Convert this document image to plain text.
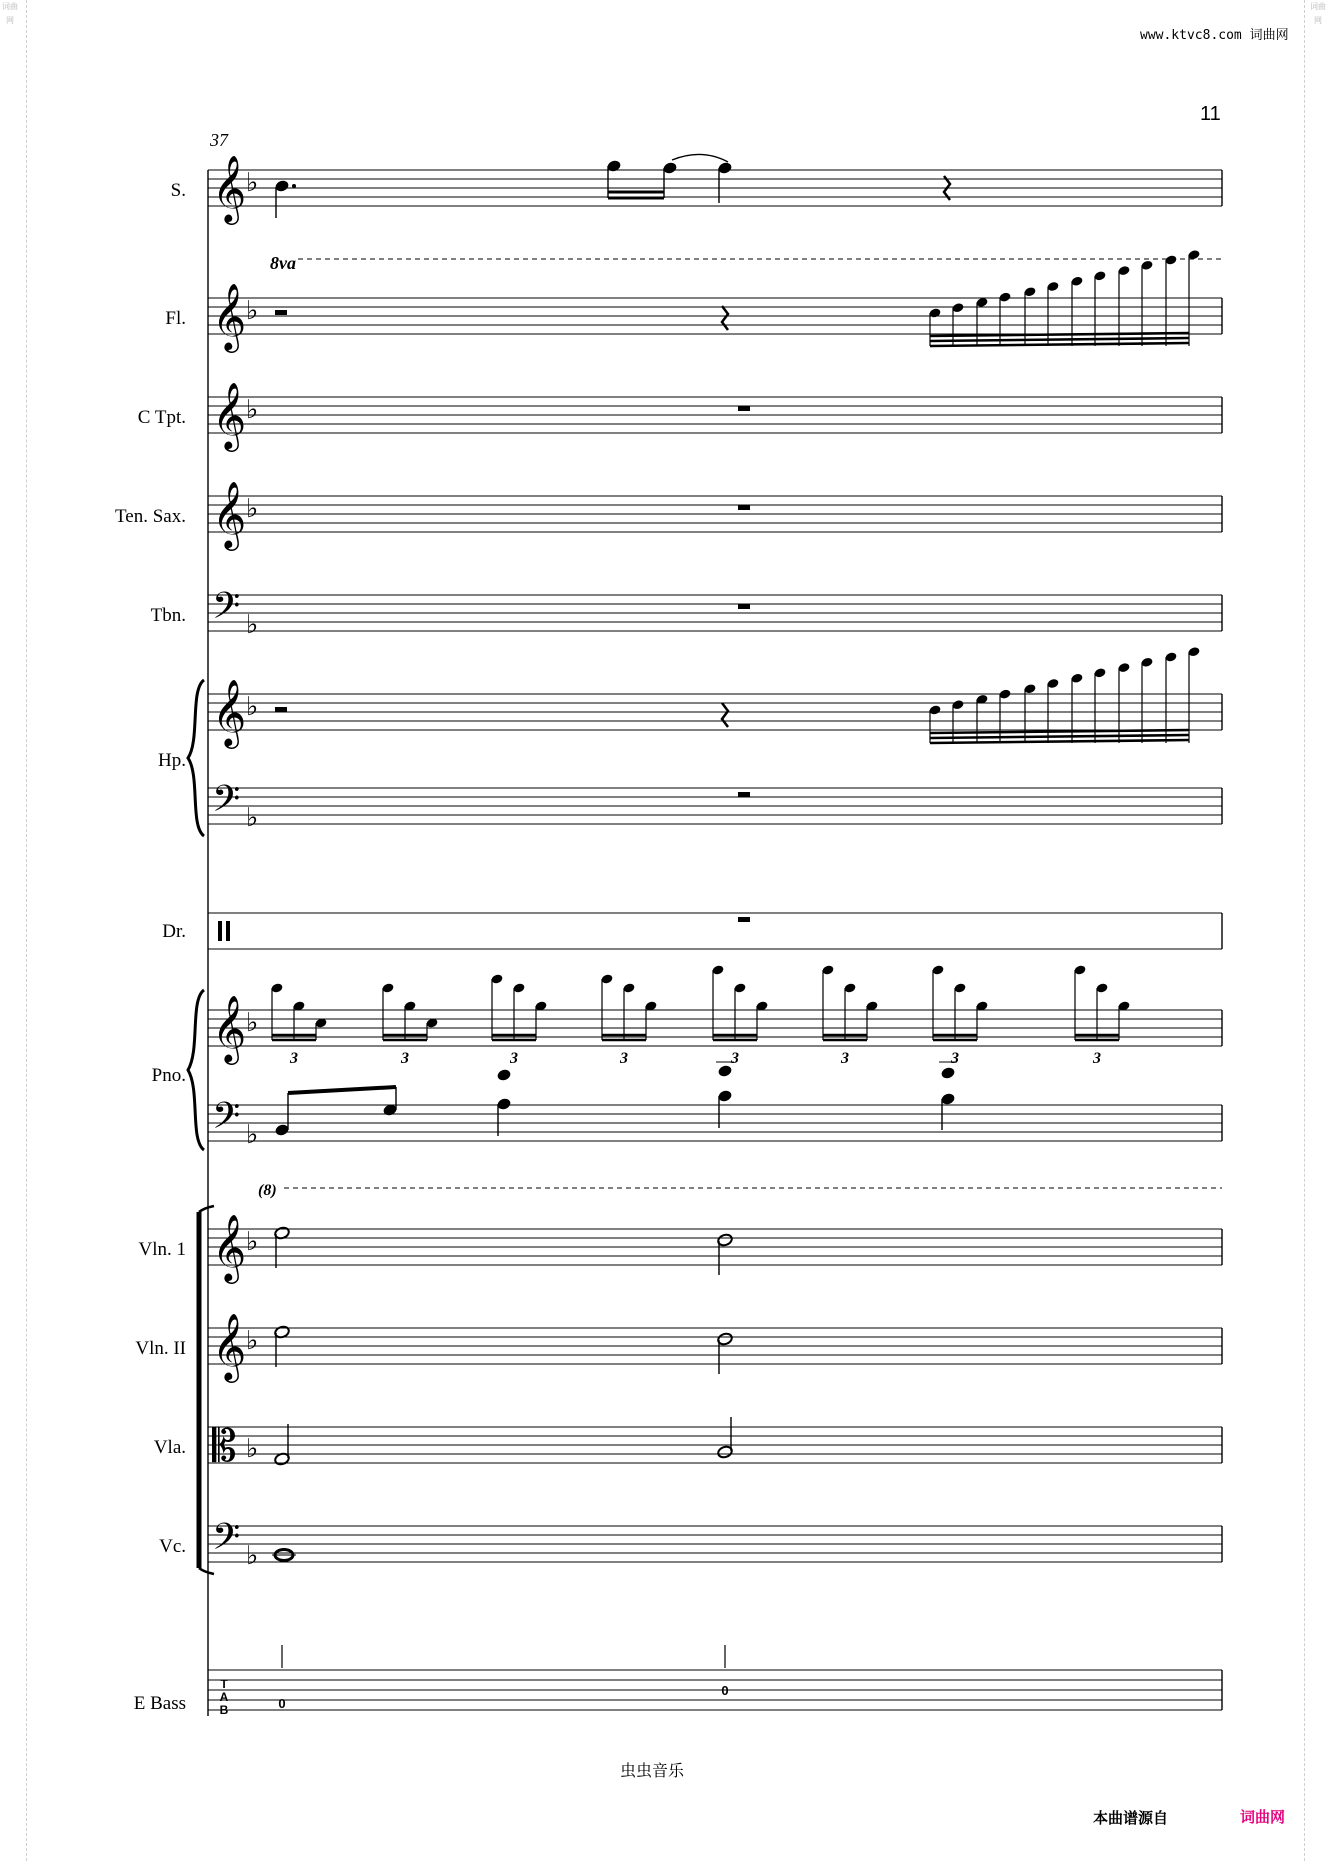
词曲网
词曲网
www.ktvc8.com 词曲网
11
S.
Fl.
C Tpt.
Ten. Sax.
Tbn.
Hp.
Dr.
Pno.
Vln. 1
Vln. II
Vla.
Vc.
E Bass
37
𝄞 ♭
𝄞 ♭
𝄞 ♭
𝄞 ♭
𝄢 ♭
𝄞 ♭
𝄢 ♭
𝄞 ♭
𝄢 ♭
𝄞 ♭
𝄞 ♭
𝄡 ♭
𝄢 ♭
8va
(8)
3	3	3	3	3	3	3	3
0
0
T
A
B
虫虫音乐
本曲谱源自	词曲网
